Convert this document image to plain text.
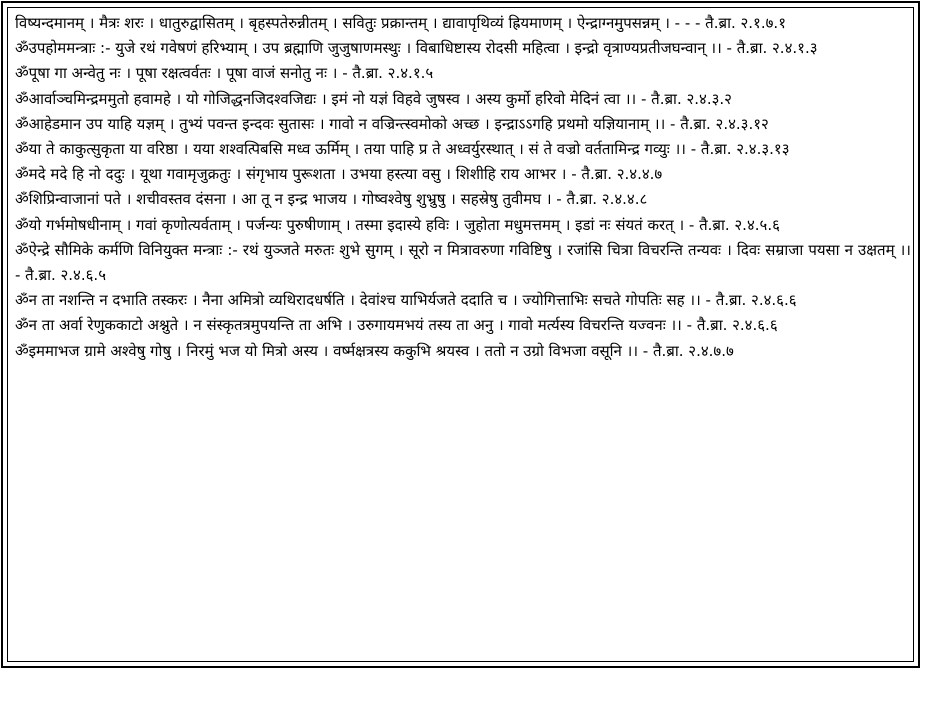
विष्यन्दमानम् । मैत्रः शरः । धातुरुद्वासितम् । बृहस्पतेरुन्नीतम् । सवितुः प्रक्रान्तम् । द्यावापृथिव्यं ह्रियमाणम् । ऐन्द्राग्नमुपसन्नम् । - - - तै.ब्रा. २.१.७.१

ॐउपहोममन्त्राः :- युजे रथं गवेषणं हरिभ्याम् । उप ब्रह्माणि जुजुषाणमस्थुः । विबाधिष्टास्य रोदसी महित्वा । इन्द्रो वृत्राण्यप्रतीजघन्वान् ।। - तै.ब्रा. २.४.१.३

ॐपूषा गा अन्वेतु नः । पूषा रक्षत्वर्वतः । पूषा वाजं सनोतु नः । - तै.ब्रा. २.४.१.५

ॐआर्वाञ्चमिन्द्रममुतो हवामहे । यो गोजिद्धनजिदश्वजिद्यः । इमं नो यज्ञं विहवे जुषस्व । अस्य कुर्मो हरिवो मेदिनं त्वा ।। - तै.ब्रा. २.४.३.२

ॐआहेडमान उप याहि यज्ञम् । तुभ्यं पवन्त इन्दवः सुतासः । गावो न वज्रिन्त्स्वमोको अच्छ । इन्द्राऽऽगहि प्रथमो यज्ञियानाम् ।। - तै.ब्रा. २.४.३.१२

ॐया ते काकुत्सुकृता या वरिष्ठा । यया शश्वत्पिबसि मध्व ऊर्मिम् । तया पाहि प्र ते अध्वर्युरस्थात् । सं ते वज्रो वर्ततामिन्द्र गव्युः ।। - तै.ब्रा. २.४.३.१३

ॐमदे मदे हि नो ददुः । यूथा गवामृजुक्रतुः । संगृभाय पुरूशता । उभया हस्त्या वसु । शिशीहि राय आभर । - तै.ब्रा. २.४.४.७

ॐशिप्रिन्वाजानां पते । शचीवस्तव दंसना । आ तू न इन्द्र भाजय । गोष्वश्वेषु शुभ्रुषु । सहस्रेषु तुवीमघ । - तै.ब्रा. २.४.४.८

ॐयो गर्भमोषधीनाम् । गवां कृणोत्यर्वताम् । पर्जन्यः पुरुषीणाम् । तस्मा इदास्ये हविः । जुहोता मधुमत्तमम् । इडां नः संयतं करत् । - तै.ब्रा. २.४.५.६

ॐऐन्द्रे सौमिके कर्मणि विनियुक्त मन्त्राः :- रथं युञ्जते मरुतः शुभे सुगम् । सूरो न मित्रावरुणा गविष्टिषु । रजांसि चित्रा विचरन्ति तन्यवः । दिवः सम्राजा पयसा न उक्षतम् ।। - तै.ब्रा. २.४.६.५

ॐन ता नशन्ति न दभाति तस्करः । नैना अमित्रो व्यथिरादधर्षति । देवांश्च याभिर्यजते ददाति च । ज्योगित्ताभिः सचते गोपतिः सह ।। - तै.ब्रा. २.४.६.६

ॐन ता अर्वा रेणुककाटो अश्नुते । न संस्कृतत्रमुपयन्ति ता अभि । उरुगायमभयं तस्य ता अनु । गावो मर्त्यस्य विचरन्ति यज्वनः ।। - तै.ब्रा. २.४.६.६

ॐइममाभज ग्रामे अश्वेषु गोषु । निरमुं भज यो मित्रो अस्य । वर्ष्मक्षत्रस्य ककुभि श्रयस्व । ततो न उग्रो विभजा वसूनि ।। - तै.ब्रा. २.४.७.७
